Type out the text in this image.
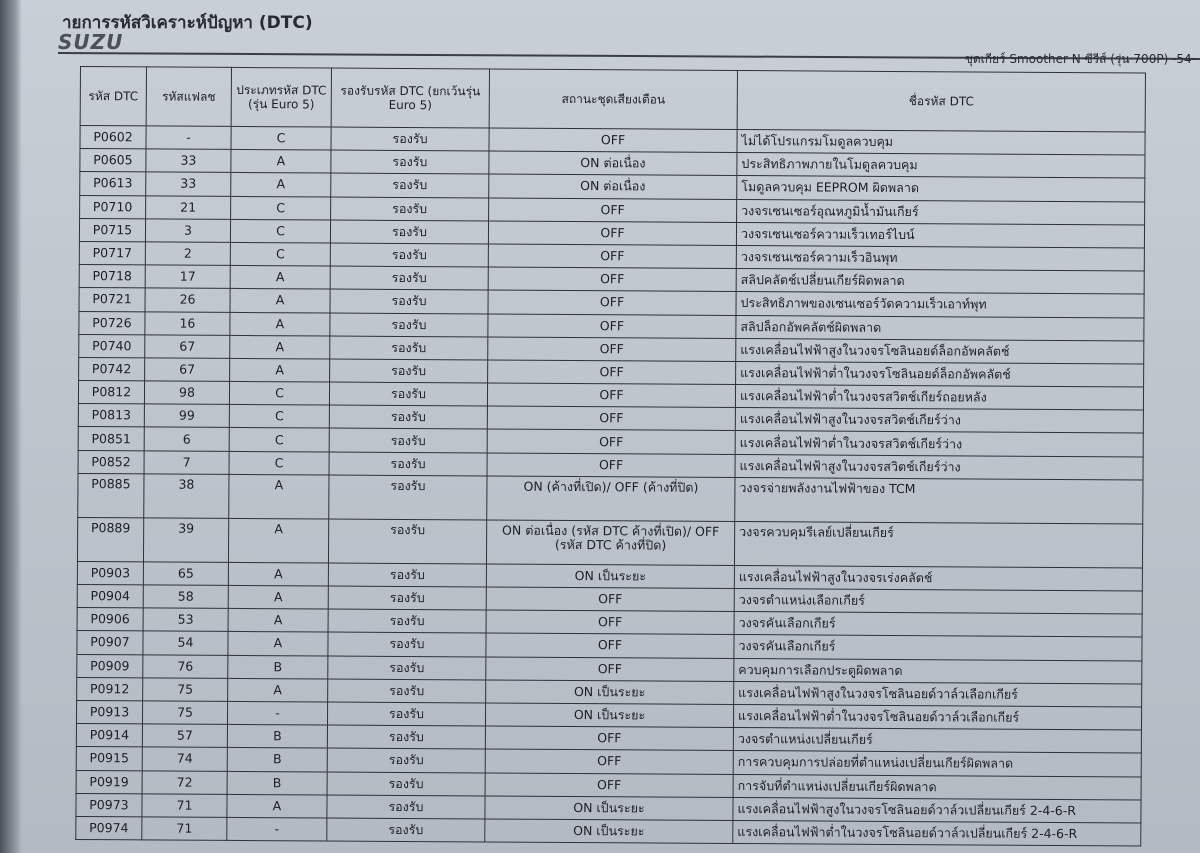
ายการรหัสวิเคราะห์ปัญหา (DTC)
SUZU
ชุดเกียร์ Smoother N ซีรีส์ (รุ่น 700P) -54-
รหัส DTC	รหัสแฟลช	ประเภทรหัส DTC (รุ่น Euro 5)	รองรับรหัส DTC (ยกเว้นรุ่น Euro 5)	สถานะชุดเสียงเตือน	ชื่อรหัส DTC
P0602	-	C	รองรับ	OFF	ไม่ได้โปรแกรมโมดูลควบคุม
P0605	33	A	รองรับ	ON ต่อเนื่อง	ประสิทธิภาพภายในโมดูลควบคุม
P0613	33	A	รองรับ	ON ต่อเนื่อง	โมดูลควบคุม EEPROM ผิดพลาด
P0710	21	C	รองรับ	OFF	วงจรเซนเซอร์อุณหภูมิน้ำมันเกียร์
P0715	3	C	รองรับ	OFF	วงจรเซนเซอร์ความเร็วเทอร์ไบน์
P0717	2	C	รองรับ	OFF	วงจรเซนเซอร์ความเร็วอินพุท
P0718	17	A	รองรับ	OFF	สลิปคลัตช์เปลี่ยนเกียร์ผิดพลาด
P0721	26	A	รองรับ	OFF	ประสิทธิภาพของเซนเซอร์วัดความเร็วเอาท์พุท
P0726	16	A	รองรับ	OFF	สลิปล็อกอัพคลัตช์ผิดพลาด
P0740	67	A	รองรับ	OFF	แรงเคลื่อนไฟฟ้าสูงในวงจรโซลินอยด์ล็อกอัพคลัตช์
P0742	67	A	รองรับ	OFF	แรงเคลื่อนไฟฟ้าต่ำในวงจรโซลินอยด์ล็อกอัพคลัตช์
P0812	98	C	รองรับ	OFF	แรงเคลื่อนไฟฟ้าต่ำในวงจรสวิตช์เกียร์ถอยหลัง
P0813	99	C	รองรับ	OFF	แรงเคลื่อนไฟฟ้าสูงในวงจรสวิตช์เกียร์ว่าง
P0851	6	C	รองรับ	OFF	แรงเคลื่อนไฟฟ้าต่ำในวงจรสวิตช์เกียร์ว่าง
P0852	7	C	รองรับ	OFF	แรงเคลื่อนไฟฟ้าสูงในวงจรสวิตช์เกียร์ว่าง
P0885	38	A	รองรับ	ON (ค้างที่เปิด)/ OFF (ค้างที่ปิด)	วงจรจ่ายพลังงานไฟฟ้าของ TCM
P0889	39	A	รองรับ	ON ต่อเนื่อง (รหัส DTC ค้างที่เปิด)/ OFF (รหัส DTC ค้างที่ปิด)	วงจรควบคุมรีเลย์เปลี่ยนเกียร์
P0903	65	A	รองรับ	ON เป็นระยะ	แรงเคลื่อนไฟฟ้าสูงในวงจรเร่งคลัตช์
P0904	58	A	รองรับ	OFF	วงจรตำแหน่งเลือกเกียร์
P0906	53	A	รองรับ	OFF	วงจรคันเลือกเกียร์
P0907	54	A	รองรับ	OFF	วงจรคันเลือกเกียร์
P0909	76	B	รองรับ	OFF	ควบคุมการเลือกประตูผิดพลาด
P0912	75	A	รองรับ	ON เป็นระยะ	แรงเคลื่อนไฟฟ้าสูงในวงจรโซลินอยด์วาล์วเลือกเกียร์
P0913	75	-	รองรับ	ON เป็นระยะ	แรงเคลื่อนไฟฟ้าต่ำในวงจรโซลินอยด์วาล์วเลือกเกียร์
P0914	57	B	รองรับ	OFF	วงจรตำแหน่งเปลี่ยนเกียร์
P0915	74	B	รองรับ	OFF	การควบคุมการปล่อยที่ตำแหน่งเปลี่ยนเกียร์ผิดพลาด
P0919	72	B	รองรับ	OFF	การจับที่ตำแหน่งเปลี่ยนเกียร์ผิดพลาด
P0973	71	A	รองรับ	ON เป็นระยะ	แรงเคลื่อนไฟฟ้าสูงในวงจรโซลินอยด์วาล์วเปลี่ยนเกียร์ 2-4-6-R
P0974	71	-	รองรับ	ON เป็นระยะ	แรงเคลื่อนไฟฟ้าต่ำในวงจรโซลินอยด์วาล์วเปลี่ยนเกียร์ 2-4-6-R
